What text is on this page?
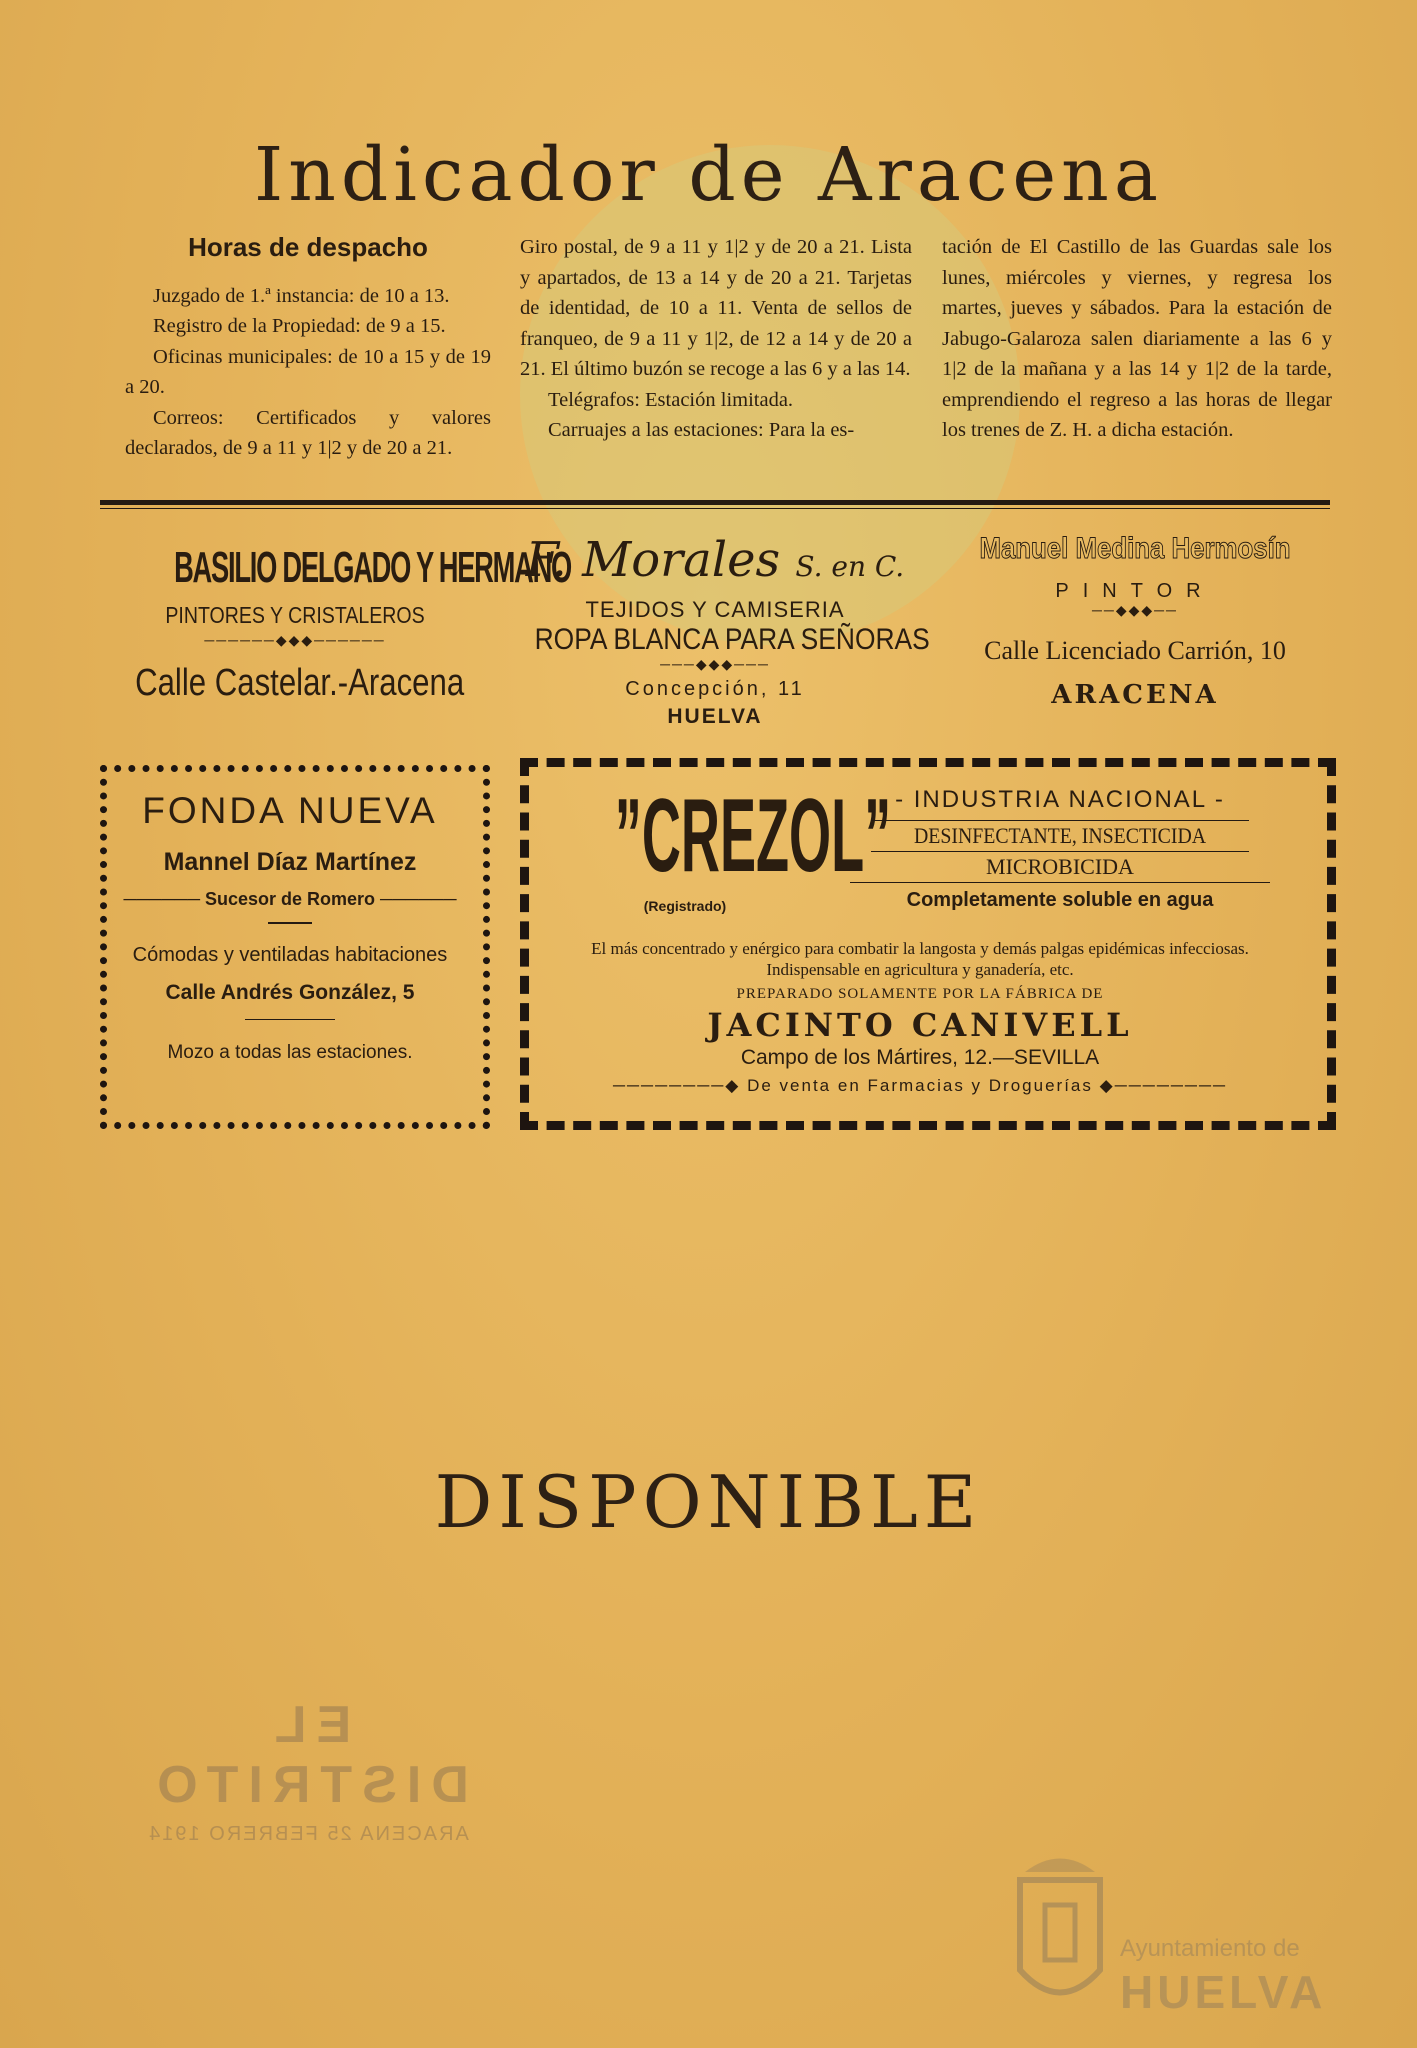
Indicador de Aracena

Horas de despacho

Juzgado de 1.ª instancia: de 10 a 13.

Registro de la Propiedad: de 9 a 15.

Oficinas municipales: de 10 a 15 y de 19 a 20.

Correos: Certificados y valores declarados, de 9 a 11 y 1|2 y de 20 a 21.

Giro postal, de 9 a 11 y 1|2 y de 20 a 21. Lista y apartados, de 13 a 14 y de 20 a 21. Tarjetas de identidad, de 10 a 11. Venta de sellos de franqueo, de 9 a 11 y 1|2, de 12 a 14 y de 20 a 21. El último buzón se recoge a las 6 y a las 14.

Telégrafos: Estación limitada.

Carruajes a las estaciones: Para la es-

tación de El Castillo de las Guardas sale los lunes, miércoles y viernes, y regresa los martes, jueves y sábados. Para la estación de Jabugo-Galaroza salen diariamente a las 6 y 1|2 de la mañana y a las 14 y 1|2 de la tarde, emprendiendo el regreso a las horas de llegar los trenes de Z. H. a dicha estación.

BASILIO DELGADO Y HERMANO
PINTORES Y CRISTALEROS
──────◆◆◆──────
Calle Castelar.-Aracena
F. Morales S. en C.
TEJIDOS Y CAMISERIA
ROPA BLANCA PARA SEÑORAS
───◆◆◆───
Concepción, 11
HUELVA
Manuel Medina Hermosín
PINTOR
──◆◆◆──
Calle Licenciado Carrión, 10
ARACENA
FONDA NUEVA
Mannel Díaz Martínez
────── Sucesor de Romero ──────
Cómodas y ventiladas habitaciones
Calle Andrés González, 5
Mozo a todas las estaciones.
”CREZOL”
(Registrado)
- INDUSTRIA NACIONAL -
DESINFECTANTE, INSECTICIDA
MICROBICIDA
Completamente soluble en agua
El más concentrado y enérgico para combatir la langosta y demás palgas epidémicas infecciosas. Indispensable en agricultura y ganadería, etc.
PREPARADO SOLAMENTE POR LA FÁBRICA DE
JACINTO CANIVELL
Campo de los Mártires, 12.—SEVILLA
────────◆ De venta en Farmacias y Droguerías ◆────────
DISPONIBLE
EL DISTRITO
ARACENA 25 FEBRERO 1914
Ayuntamiento de
HUELVA
